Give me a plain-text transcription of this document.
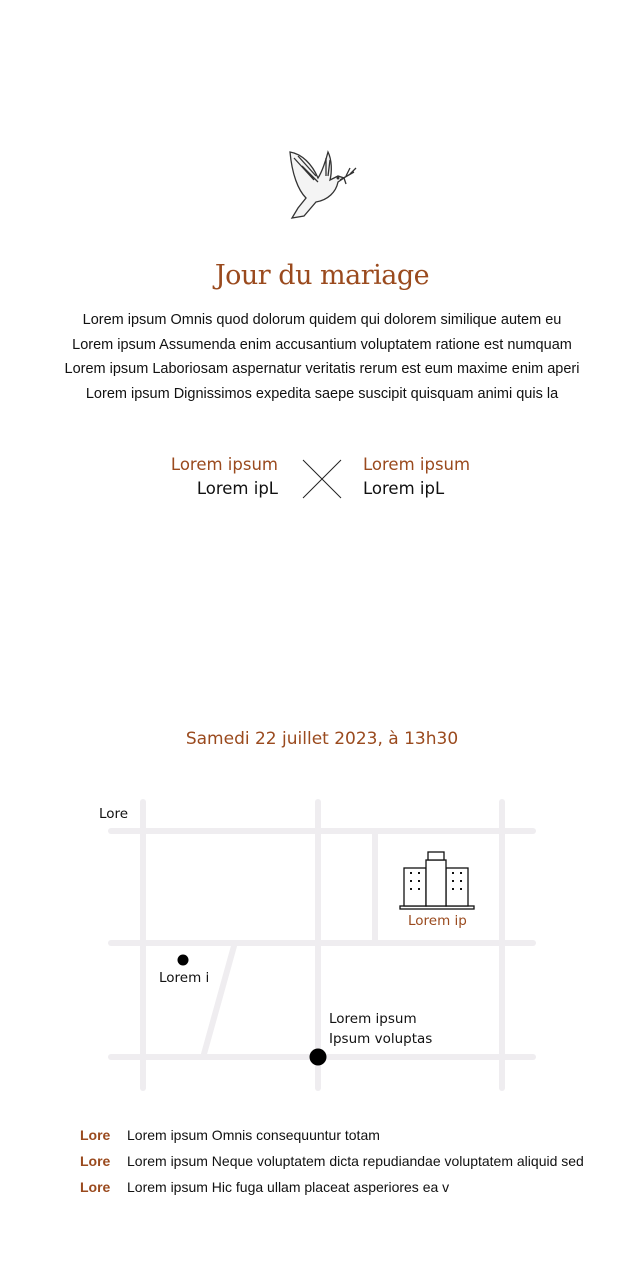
Jour du mariage
Lorem ipsum Omnis quod dolorum quidem qui dolorem similique autem eu
Lorem ipsum Assumenda enim accusantium voluptatem ratione est numquam
Lorem ipsum Laboriosam aspernatur veritatis rerum est eum maxime enim aperi
Lorem ipsum Dignissimos expedita saepe suscipit quisquam animi quis la
Lorem ipsum
Lorem ipL
Lorem ipsum
Lorem ipL
Samedi 22 juillet 2023, à 13h30
Lore
Lorem ip
Lorem i
Lorem ipsum
Ipsum voluptas
Lore Lorem ipsum Omnis consequuntur totam
Lore Lorem ipsum Neque voluptatem dicta repudiandae voluptatem aliquid sed
Lore Lorem ipsum Hic fuga ullam placeat asperiores ea v
